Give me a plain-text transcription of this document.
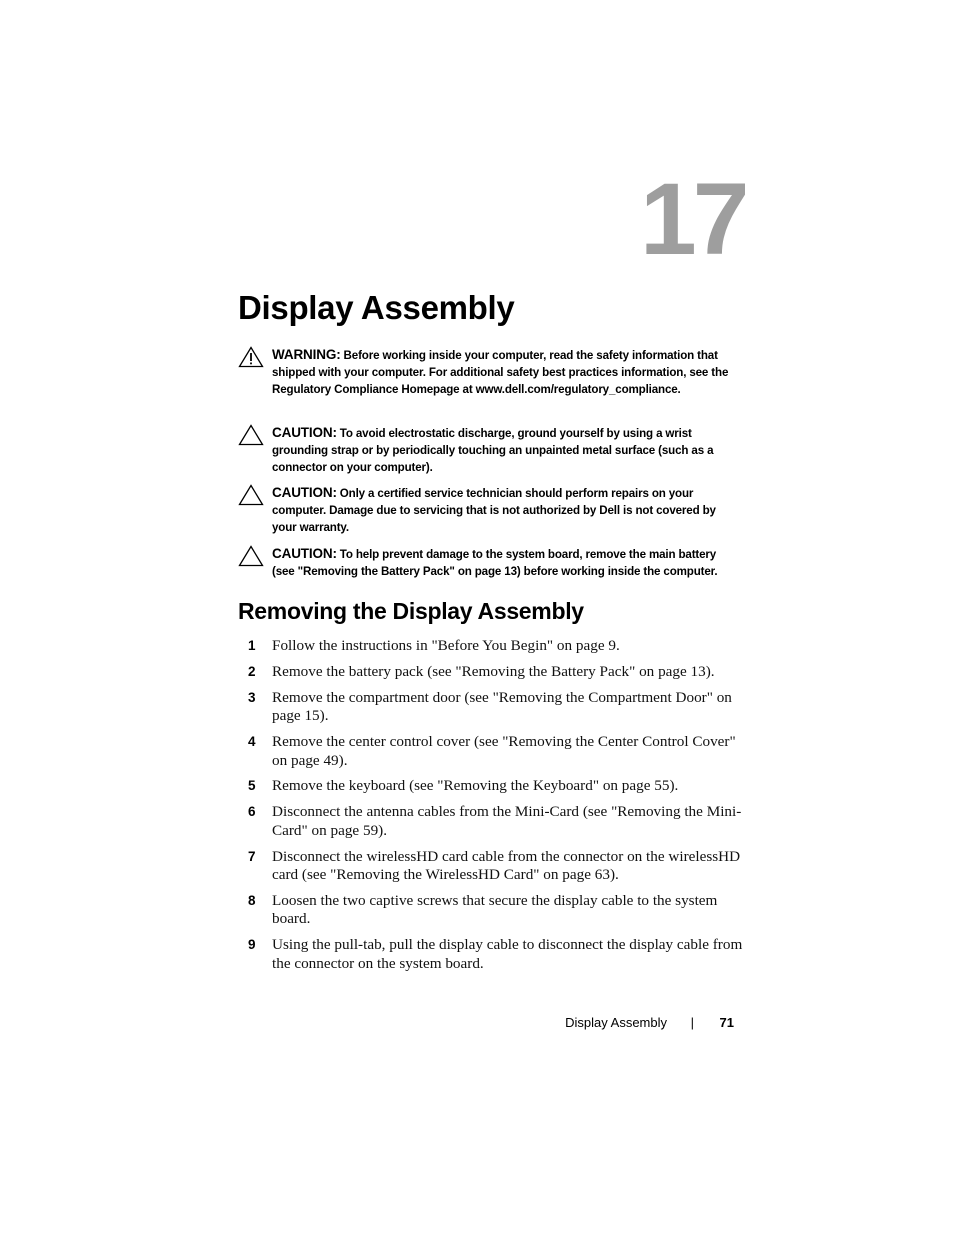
17
Display Assembly
WARNING: Before working inside your computer, read the safety information that shipped with your computer. For additional safety best practices information, see the Regulatory Compliance Homepage at www.dell.com/regulatory_compliance.
CAUTION: To avoid electrostatic discharge, ground yourself by using a wrist grounding strap or by periodically touching an unpainted metal surface (such as a connector on your computer).
CAUTION: Only a certified service technician should perform repairs on your computer. Damage due to servicing that is not authorized by Dell is not covered by your warranty.
CAUTION: To help prevent damage to the system board, remove the main battery (see "Removing the Battery Pack" on page 13) before working inside the computer.
Removing the Display Assembly
1 Follow the instructions in "Before You Begin" on page 9.
2 Remove the battery pack (see "Removing the Battery Pack" on page 13).
3 Remove the compartment door (see "Removing the Compartment Door" on page 15).
4 Remove the center control cover (see "Removing the Center Control Cover" on page 49).
5 Remove the keyboard (see "Removing the Keyboard" on page 55).
6 Disconnect the antenna cables from the Mini-Card (see "Removing the Mini-Card" on page 59).
7 Disconnect the wirelessHD card cable from the connector on the wirelessHD card (see "Removing the WirelessHD Card" on page 63).
8 Loosen the two captive screws that secure the display cable to the system board.
9 Using the pull-tab, pull the display cable to disconnect the display cable from the connector on the system board.
Display Assembly | 71
